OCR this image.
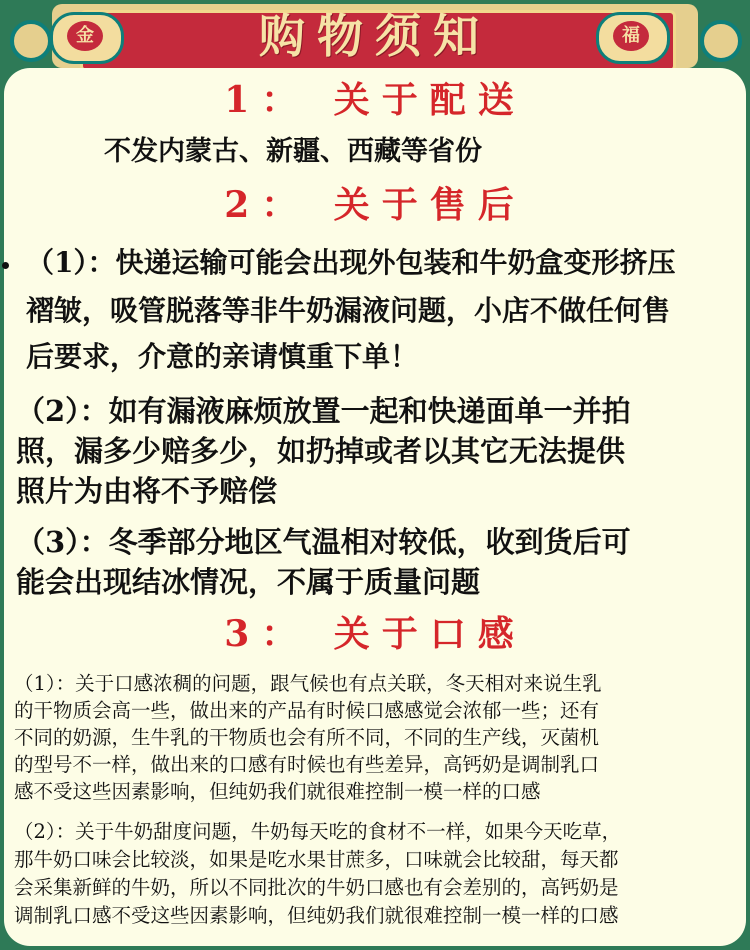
金	福
购物须知

1： 关于配送

不发内蒙古、新疆、西藏等省份

2： 关于售后

（1）：快递运输可能会出现外包装和牛奶盒变形挤压

褶皱，吸管脱落等非牛奶漏液问题，小店不做任何售

后要求，介意的亲请慎重下单！

（2）：如有漏液麻烦放置一起和快递面单一并拍

照，漏多少赔多少，如扔掉或者以其它无法提供

照片为由将不予赔偿

（3）：冬季部分地区气温相对较低，收到货后可

能会出现结冰情况，不属于质量问题

3： 关于口感

（1）：关于口感浓稠的问题，跟气候也有点关联，冬天相对来说生乳

的干物质会高一些，做出来的产品有时候口感感觉会浓郁一些；还有

不同的奶源，生牛乳的干物质也会有所不同，不同的生产线，灭菌机

的型号不一样，做出来的口感有时候也有些差异，高钙奶是调制乳口

感不受这些因素影响，但纯奶我们就很难控制一模一样的口感

（2）：关于牛奶甜度问题，牛奶每天吃的食材不一样，如果今天吃草，

那牛奶口味会比较淡，如果是吃水果甘蔗多，口味就会比较甜，每天都

会采集新鲜的牛奶，所以不同批次的牛奶口感也有会差别的，高钙奶是

调制乳口感不受这些因素影响，但纯奶我们就很难控制一模一样的口感
